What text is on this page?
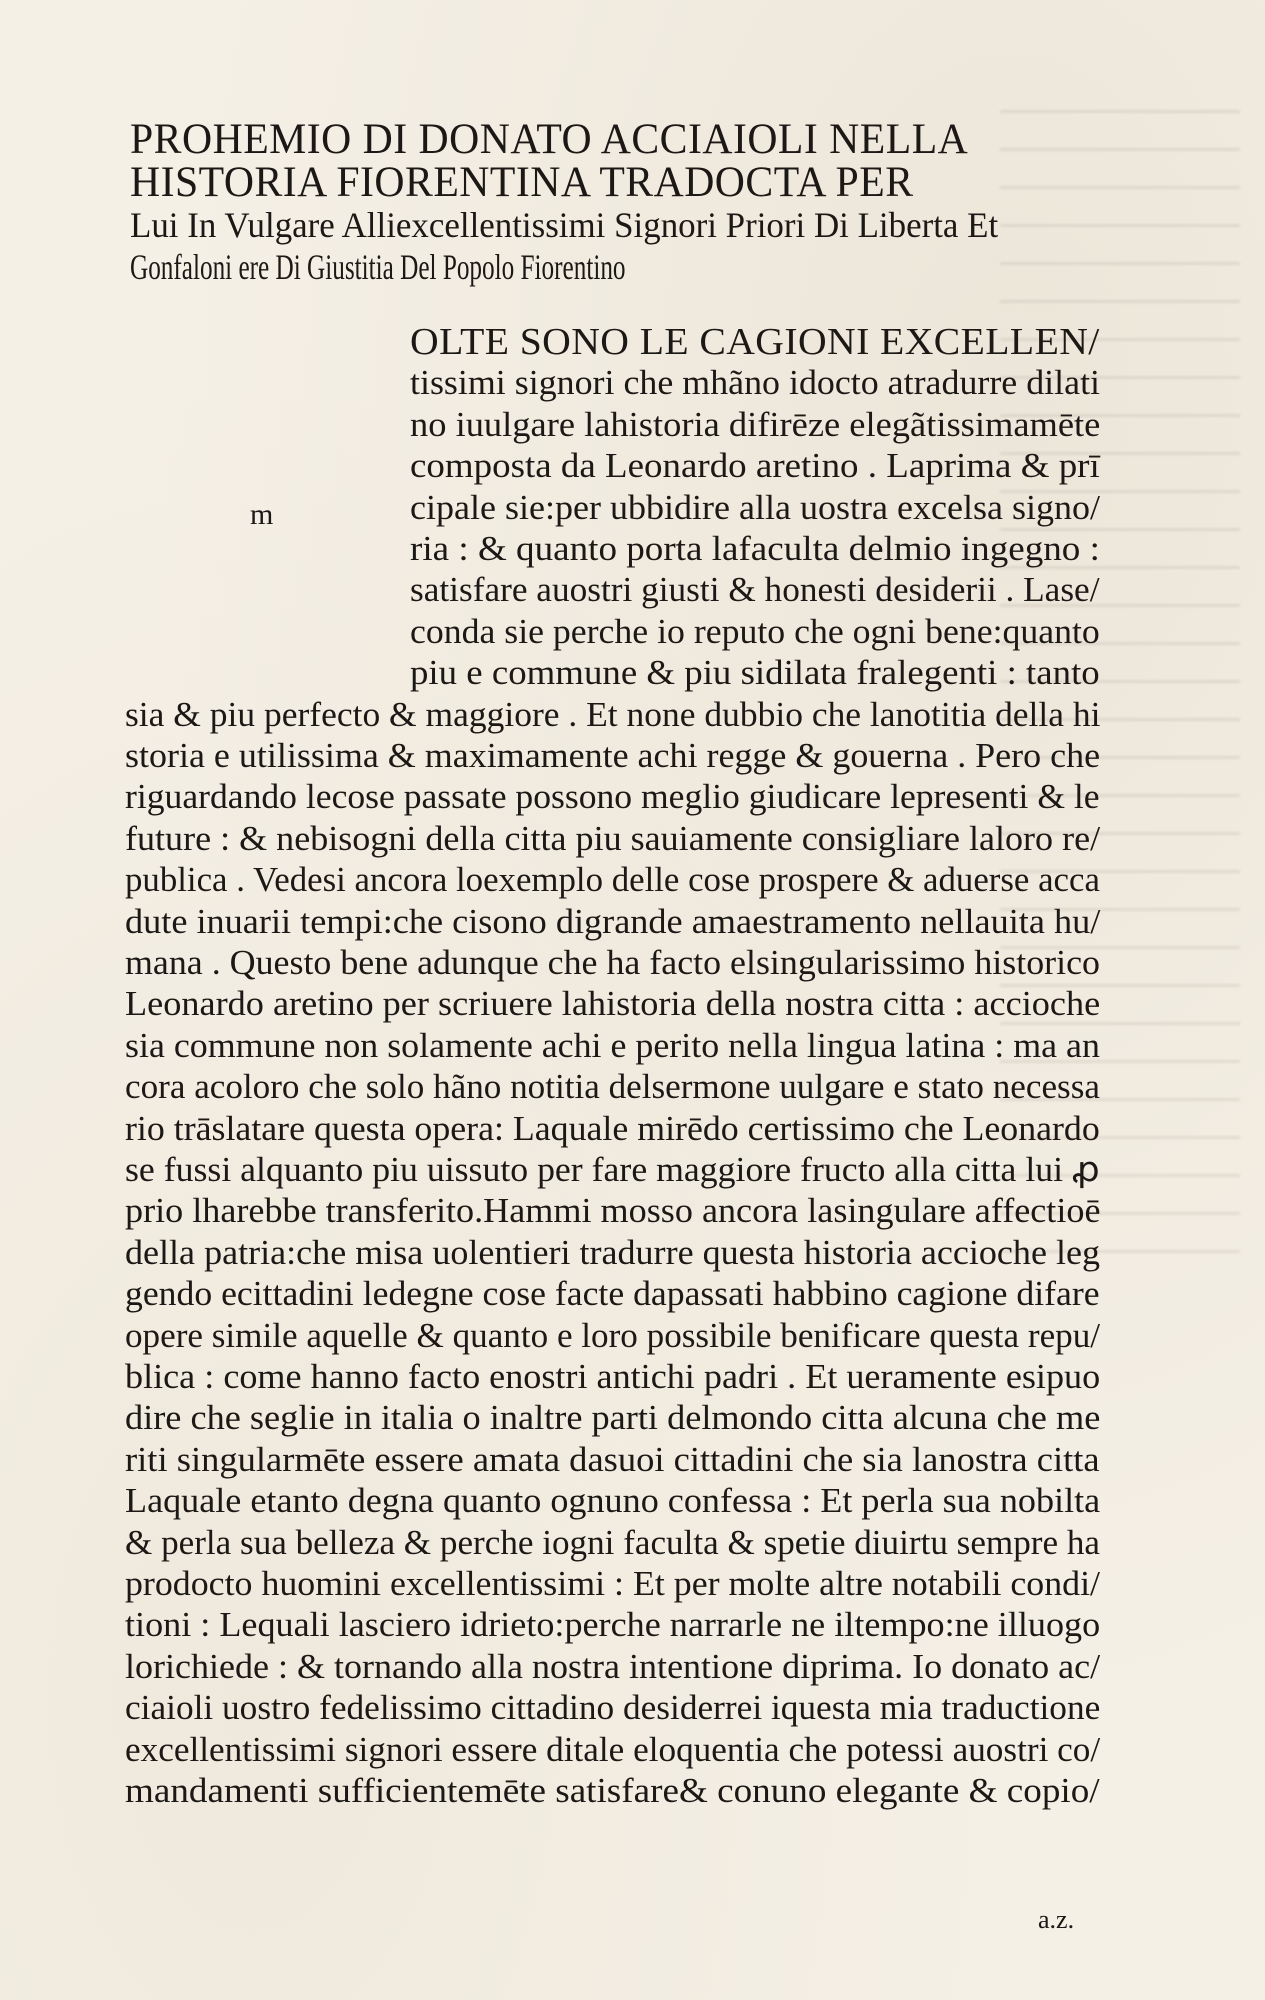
PROHEMIO DI DONATO ACCIAIOLI NELLA
HISTORIA FIORENTINA TRADOCTA PER
Lui In Vulgare Alliexcellentissimi Signori Priori Di Liberta Et
Gonfaloni ere Di Giustitia Del Popolo Fiorentino
m
OLTE SONO LE CAGIONI EXCELLEN/
tissimi signori che mhãno idocto atradurre dilati
no iuulgare lahistoria difirēze elegãtissimamēte
composta da Leonardo aretino . Laprima & prī
cipale sie:per ubbidire alla uostra excelsa signo/
ria : & quanto porta lafaculta delmio ingegno :
satisfare auostri giusti & honesti desiderii . Lase/
conda sie perche io reputo che ogni bene:quanto
piu e commune & piu sidilata fralegenti : tanto
sia & piu perfecto & maggiore . Et none dubbio che lanotitia della hi
storia e utilissima & maximamente achi regge & gouerna . Pero che
riguardando lecose passate possono meglio giudicare lepresenti & le
future : & nebisogni della citta piu sauiamente consigliare laloro re/
publica . Vedesi ancora loexemplo delle cose prospere & aduerse acca
dute inuarii tempi:che cisono digrande amaestramento nellauita hu/
mana . Questo bene adunque che ha facto elsingularissimo historico
Leonardo aretino per scriuere lahistoria della nostra citta : accioche
sia commune non solamente achi e perito nella lingua latina : ma an
cora acoloro che solo hãno notitia delsermone uulgare e stato necessa
rio trāslatare questa opera: Laquale mirēdo certissimo che Leonardo
se fussi alquanto piu uissuto per fare maggiore fructo alla citta lui ꝓ
prio lharebbe transferito.Hammi mosso ancora lasingulare affectioē
della patria:che misa uolentieri tradurre questa historia accioche leg
gendo ecittadini ledegne cose facte dapassati habbino cagione difare
opere simile aquelle & quanto e loro possibile benificare questa repu/
blica : come hanno facto enostri antichi padri . Et ueramente esipuo
dire che seglie in italia o inaltre parti delmondo citta alcuna che me
riti singularmēte essere amata dasuoi cittadini che sia lanostra citta
Laquale etanto degna quanto ognuno confessa : Et perla sua nobilta
& perla sua belleza & perche iogni faculta & spetie diuirtu sempre ha
prodocto huomini excellentissimi : Et per molte altre notabili condi/
tioni : Lequali lasciero idrieto:perche narrarle ne iltempo:ne illuogo
lorichiede : & tornando alla nostra intentione diprima. Io donato ac/
ciaioli uostro fedelissimo cittadino desiderrei iquesta mia traductione
excellentissimi signori essere ditale eloquentia che potessi auostri co/
mandamenti sufficientemēte satisfare& conuno elegante & copio/
a.z.
